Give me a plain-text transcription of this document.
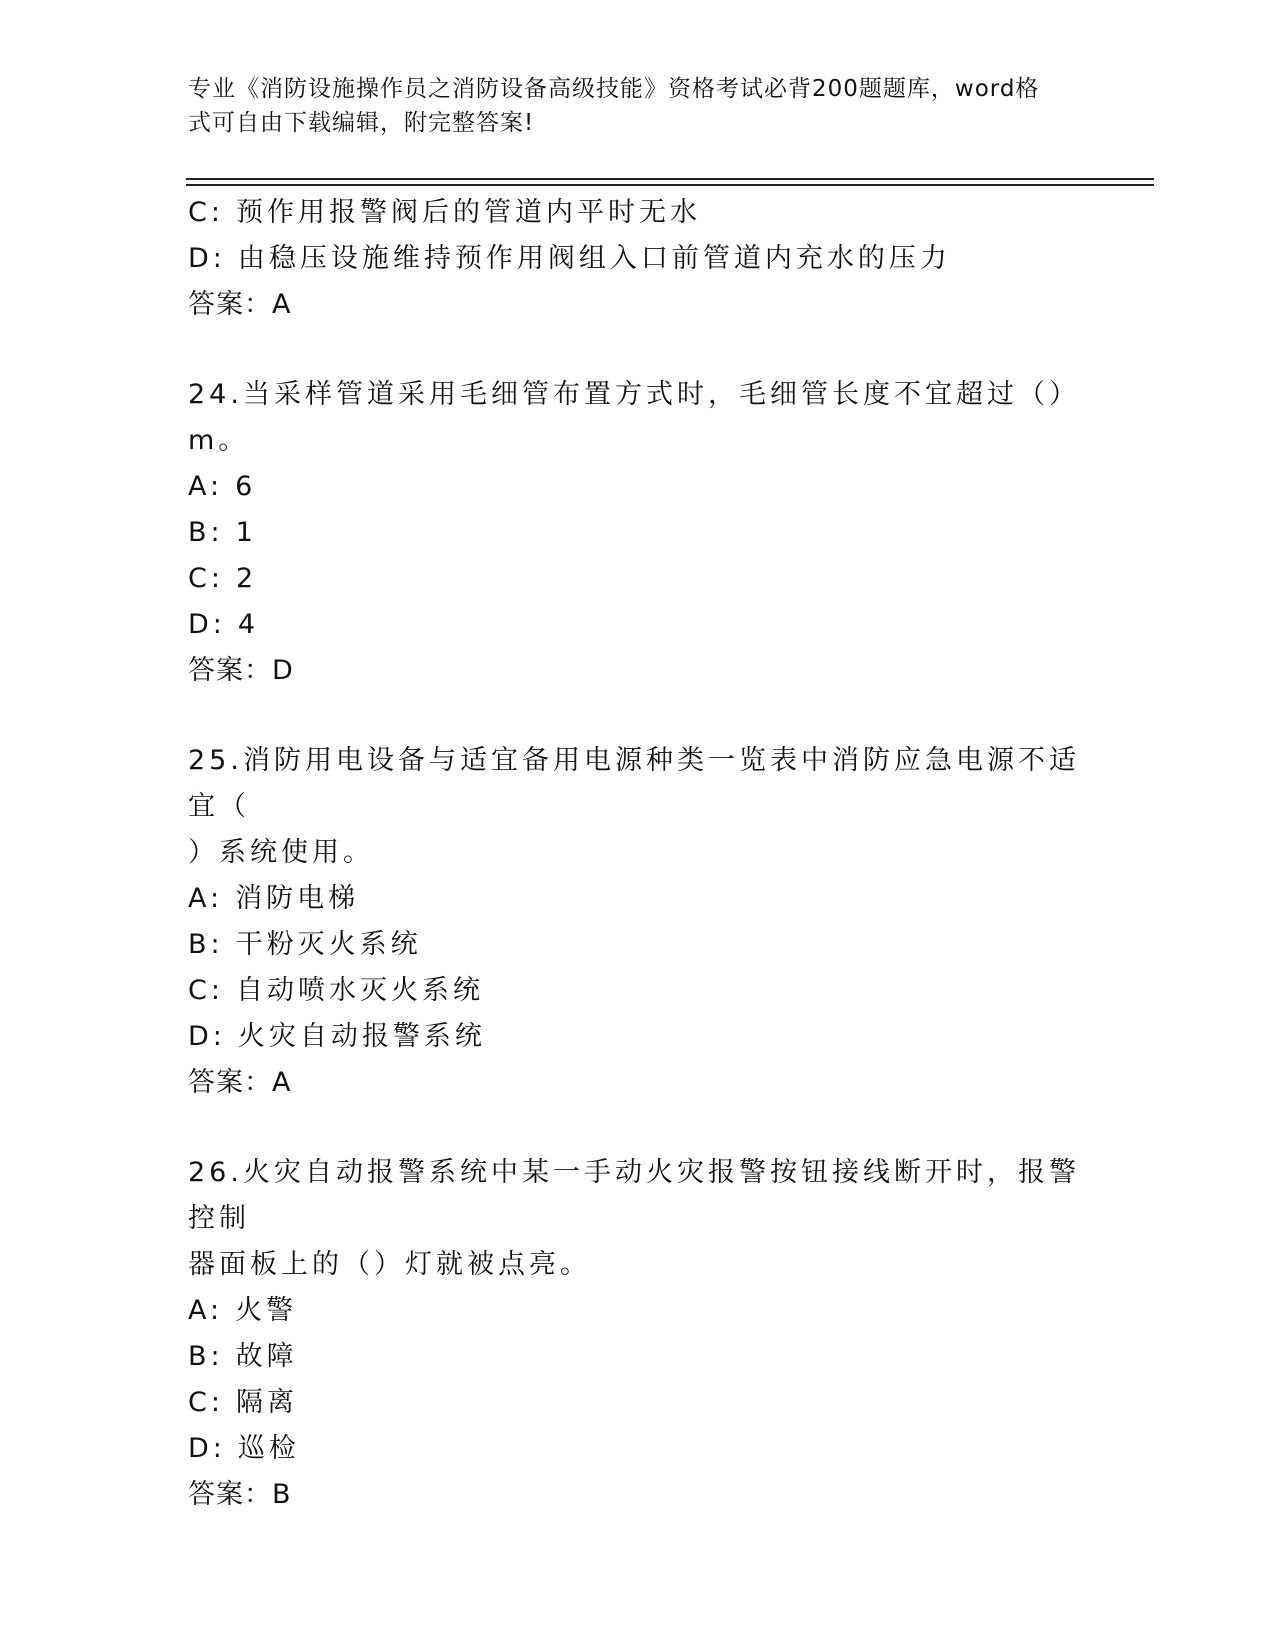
专业《消防设施操作员之消防设备高级技能》资格考试必背200题题库，word格
式可自由下载编辑，附完整答案!
C: 预作用报警阀后的管道内平时无水
D: 由稳压设施维持预作用阀组入口前管道内充水的压力
答案：A
24.当采样管道采用毛细管布置方式时，毛细管长度不宜超过（）m。
A: 6
B: 1
C: 2
D: 4
答案：D
25.消防用电设备与适宜备用电源种类一览表中消防应急电源不适宜（
）系统使用。
A: 消防电梯
B: 干粉灭火系统
C: 自动喷水灭火系统
D: 火灾自动报警系统
答案：A
26.火灾自动报警系统中某一手动火灾报警按钮接线断开时，报警控制
器面板上的（）灯就被点亮。
A: 火警
B: 故障
C: 隔离
D: 巡检
答案：B
